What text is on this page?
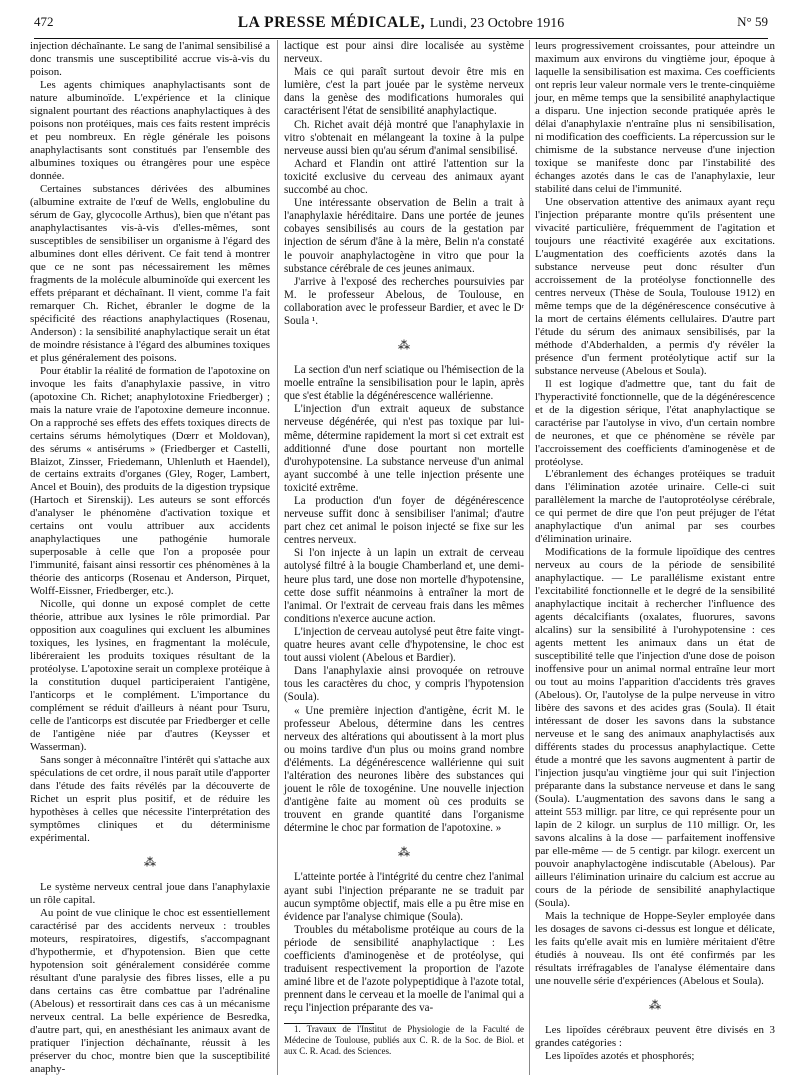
472	LA PRESSE MÉDICALE, Lundi, 23 Octobre 1916	N° 59

injection déchaînante. Le sang de l'animal sensibilisé a donc transmis une susceptibilité accrue vis-à-vis du poison.

Les agents chimiques anaphylactisants sont de nature albuminoïde. L'expérience et la clinique signalent pourtant des réactions anaphylactiques à des poisons non protéiques, mais ces faits restent imprécis et peu nombreux. En règle générale les poisons anaphylactisants sont constitués par l'ensemble des albumines toxiques ou étrangères pour une espèce donnée.

Certaines substances dérivées des albumines (albumine extraite de l'œuf de Wells, englobuline du sérum de Gay, glycocolle Arthus), bien que n'étant pas anaphylactisantes vis-à-vis d'elles-mêmes, sont susceptibles de sensibiliser un organisme à l'égard des albumines dont elles dérivent. Ce fait tend à montrer que ce ne sont pas nécessairement les mêmes fragments de la molécule albuminoïde qui exercent les effets préparant et déchaînant. Il vient, comme l'a fait remarquer Ch. Richet, ébranler le dogme de la spécificité des réactions anaphylactiques (Rosenau, Anderson) : la sensibilité anaphylactique serait un état de moindre résistance à l'égard des albumines toxiques et plus généralement des poisons.

Pour établir la réalité de formation de l'apotoxine on invoque les faits d'anaphylaxie passive, in vitro (apotoxine Ch. Richet; anaphylotoxine Friedberger) ; mais la nature vraie de l'apotoxine demeure inconnue. On a rapproché ses effets des effets toxiques directs de certains sérums hémolytiques (Dœrr et Moldovan), des sérums « antisérums » (Friedberger et Castelli, Blaizot, Zinsser, Friedemann, Uhlenluth et Haendel), de certains extraits d'organes (Gley, Roger, Lambert, Ancel et Bouin), des produits de la digestion trypsique (Hartoch et Sirenskij). Les auteurs se sont efforcés d'analyser le phénomène d'activation toxique et certains ont voulu attribuer aux accidents anaphylactiques une pathogénie humorale superposable à celle que l'on a proposée pour l'immunité, faisant ainsi ressortir ces phénomènes à la théorie des anticorps (Rosenau et Anderson, Pirquet, Wolff-Eissner, Friedberger, etc.).

Nicolle, qui donne un exposé complet de cette théorie, attribue aux lysines le rôle primordial. Par opposition aux coagulines qui excluent les albumines toxiques, les lysines, en fragmentant la molécule, libéreraient les produits toxiques résultant de la protéolyse. L'apotoxine serait un complexe protéique à la constitution duquel participeraient l'antigène, l'anticorps et le complément. L'importance du complément se réduit d'ailleurs à néant pour Tsuru, celle de l'anticorps est discutée par Friedberger et celle de l'antigène niée par d'autres (Keysser et Wasserman).

Sans songer à méconnaître l'intérêt qui s'attache aux spéculations de cet ordre, il nous paraît utile d'apporter dans l'étude des faits révélés par la découverte de Richet un esprit plus positif, et de réduire les hypothèses à celles que nécessite l'interprétation des symptômes cliniques et du déterminisme expérimental.

⁂

Le système nerveux central joue dans l'anaphylaxie un rôle capital.

Au point de vue clinique le choc est essentiellement caractérisé par des accidents nerveux : troubles moteurs, respiratoires, digestifs, s'accompagnant d'hypothermie, et d'hypotension. Bien que cette hypotension soit généralement considérée comme résultant d'une paralysie des fibres lisses, elle a pu dans certains cas être combattue par l'adrénaline (Abelous) et ressortirait dans ces cas à un mécanisme nerveux central. La belle expérience de Besredka, d'autre part, qui, en anesthésiant les animaux avant de pratiquer l'injection déchaînante, réussit à les préserver du choc, montre bien que la susceptibilité anaphy-

lactique est pour ainsi dire localisée au système nerveux.

Mais ce qui paraît surtout devoir être mis en lumière, c'est la part jouée par le système nerveux dans la genèse des modifications humorales qui caractérisent l'état de sensibilité anaphylactique.

Ch. Richet avait déjà montré que l'anaphylaxie in vitro s'obtenait en mélangeant la toxine à la pulpe nerveuse aussi bien qu'au sérum d'animal sensibilisé.

Achard et Flandin ont attiré l'attention sur la toxicité exclusive du cerveau des animaux ayant succombé au choc.

Une intéressante observation de Belin a trait à l'anaphylaxie héréditaire. Dans une portée de jeunes cobayes sensibilisés au cours de la gestation par injection de sérum d'âne à la mère, Belin n'a constaté le pouvoir anaphylactogène in vitro que pour la substance cérébrale de ces jeunes animaux.

J'arrive à l'exposé des recherches poursuivies par M. le professeur Abelous, de Toulouse, en collaboration avec le professeur Bardier, et avec le Dʳ Soula ¹.

⁂

La section d'un nerf sciatique ou l'hémisection de la moelle entraîne la sensibilisation pour le lapin, après que s'est établie la dégénérescence wallérienne.

L'injection d'un extrait aqueux de substance nerveuse dégénérée, qui n'est pas toxique par lui-même, détermine rapidement la mort si cet extrait est additionné d'une dose pourtant non mortelle d'urohypotensine. La substance nerveuse d'un animal ayant succombé à une telle injection présente une toxicité extrême.

La production d'un foyer de dégénérescence nerveuse suffit donc à sensibiliser l'animal; d'autre part chez cet animal le poison injecté se fixe sur les centres nerveux.

Si l'on injecte à un lapin un extrait de cerveau autolysé filtré à la bougie Chamberland et, une demi-heure plus tard, une dose non mortelle d'hypotensine, cette dose suffit néanmoins à entraîner la mort de l'animal. Or l'extrait de cerveau frais dans les mêmes conditions n'exerce aucune action.

L'injection de cerveau autolysé peut être faite vingt-quatre heures avant celle d'hypotensine, le choc est tout aussi violent (Abelous et Bardier).

Dans l'anaphylaxie ainsi provoquée on retrouve tous les caractères du choc, y compris l'hypotension (Soula).

« Une première injection d'antigène, écrit M. le professeur Abelous, détermine dans les centres nerveux des altérations qui aboutissent à la mort plus ou moins tardive d'un plus ou moins grand nombre d'éléments. La dégénérescence wallérienne qui suit l'altération des neurones libère des substances qui jouent le rôle de toxogénine. Une nouvelle injection d'antigène faite au moment où ces produits se trouvent en grande quantité dans l'organisme détermine le choc par formation de l'apotoxine. »

⁂

L'atteinte portée à l'intégrité du centre chez l'animal ayant subi l'injection préparante ne se traduit par aucun symptôme objectif, mais elle a pu être mise en évidence par l'analyse chimique (Soula).

Troubles du métabolisme protéique au cours de la période de sensibilité anaphylactique : Les coefficients d'aminogenèse et de protéolyse, qui traduisent respectivement la proportion de l'azote aminé libre et de l'azote polypeptidique à l'azote total, prennent dans le cerveau et la moelle de l'animal qui a reçu l'injection préparante des va-

1. Travaux de l'Institut de Physiologie de la Faculté de Médecine de Toulouse, publiés aux C. R. de la Soc. de Biol. et aux C. R. Acad. des Sciences.

leurs progressivement croissantes, pour atteindre un maximum aux environs du vingtième jour, époque à laquelle la sensibilisation est maxima. Ces coefficients ont repris leur valeur normale vers le trente-cinquième jour, en même temps que la sensibilité anaphylactique a disparu. Une injection seconde pratiquée après le délai d'anaphylaxie n'entraîne plus ni sensibilisation, ni modification des coefficients. La répercussion sur le chimisme de la substance nerveuse d'une injection toxique se manifeste donc par l'instabilité des échanges azotés dans le cas de l'anaphylaxie, leur stabilité dans celui de l'immunité.

Une observation attentive des animaux ayant reçu l'injection préparante montre qu'ils présentent une vivacité particulière, fréquemment de l'agitation et toujours une réactivité exagérée aux excitations. L'augmentation des coefficients azotés dans la substance nerveuse peut donc résulter d'un accroissement de la protéolyse fonctionnelle des centres nerveux (Thèse de Soula, Toulouse 1912) en même temps que de la dégénérescence consécutive à la mort de certains éléments cellulaires. D'autre part l'étude du sérum des animaux sensibilisés, par la méthode d'Abderhalden, a permis d'y révéler la présence d'un ferment protéolytique actif sur la substance nerveuse (Abelous et Soula).

Il est logique d'admettre que, tant du fait de l'hyperactivité fonctionnelle, que de la dégénérescence et de la digestion sérique, l'état anaphylactique se caractérise par l'autolyse in vivo, d'un certain nombre de neurones, et que ce phénomène se révèle par l'accroissement des coefficients d'aminogenèse et de protéolyse.

L'ébranlement des échanges protéiques se traduit dans l'élimination azotée urinaire. Celle-ci suit parallèlement la marche de l'autoprotéolyse cérébrale, ce qui permet de dire que l'on peut préjuger de l'état anaphylactique d'un animal par ses courbes d'élimination urinaire.

Modifications de la formule lipoïdique des centres nerveux au cours de la période de sensibilité anaphylactique. — Le parallélisme existant entre l'excitabilité fonctionnelle et le degré de la sensibilité anaphylactique incitait à rechercher l'influence des agents décalcifiants (oxalates, fluorures, savons alcalins) sur la sensibilité à l'urohypotensine : ces agents mettent les animaux dans un état de susceptibilité telle que l'injection d'une dose de poison inoffensive pour un animal normal entraîne leur mort ou tout au moins l'apparition d'accidents très graves (Abelous). Or, l'autolyse de la pulpe nerveuse in vitro libère des savons et des acides gras (Soula). Il était intéressant de doser les savons dans la substance nerveuse et le sang des animaux anaphylactisés aux différents stades du processus anaphylactique. Cette étude a montré que les savons augmentent à partir de l'injection jusqu'au vingtième jour qui suit l'injection préparante dans la substance nerveuse et dans le sang (Soula). L'augmentation des savons dans le sang a atteint 553 milligr. par litre, ce qui représente pour un lapin de 2 kilogr. un surplus de 110 milligr. Or, les savons alcalins à la dose — parfaitement inoffensive par elle-même — de 5 centigr. par kilogr. exercent un pouvoir anaphylactogène indiscutable (Abelous). Par ailleurs l'élimination urinaire du calcium est accrue au cours de la période de sensibilité anaphylactique (Soula).

Mais la technique de Hoppe-Seyler employée dans les dosages de savons ci-dessus est longue et délicate, les faits qu'elle avait mis en lumière méritaient d'être étudiés à nouveau. Ils ont été confirmés par les résultats irréfragables de l'analyse élémentaire dans une nouvelle série d'expériences (Abelous et Soula).

⁂

Les lipoïdes cérébraux peuvent être divisés en 3 grandes catégories :

Les lipoïdes azotés et phosphorés;
